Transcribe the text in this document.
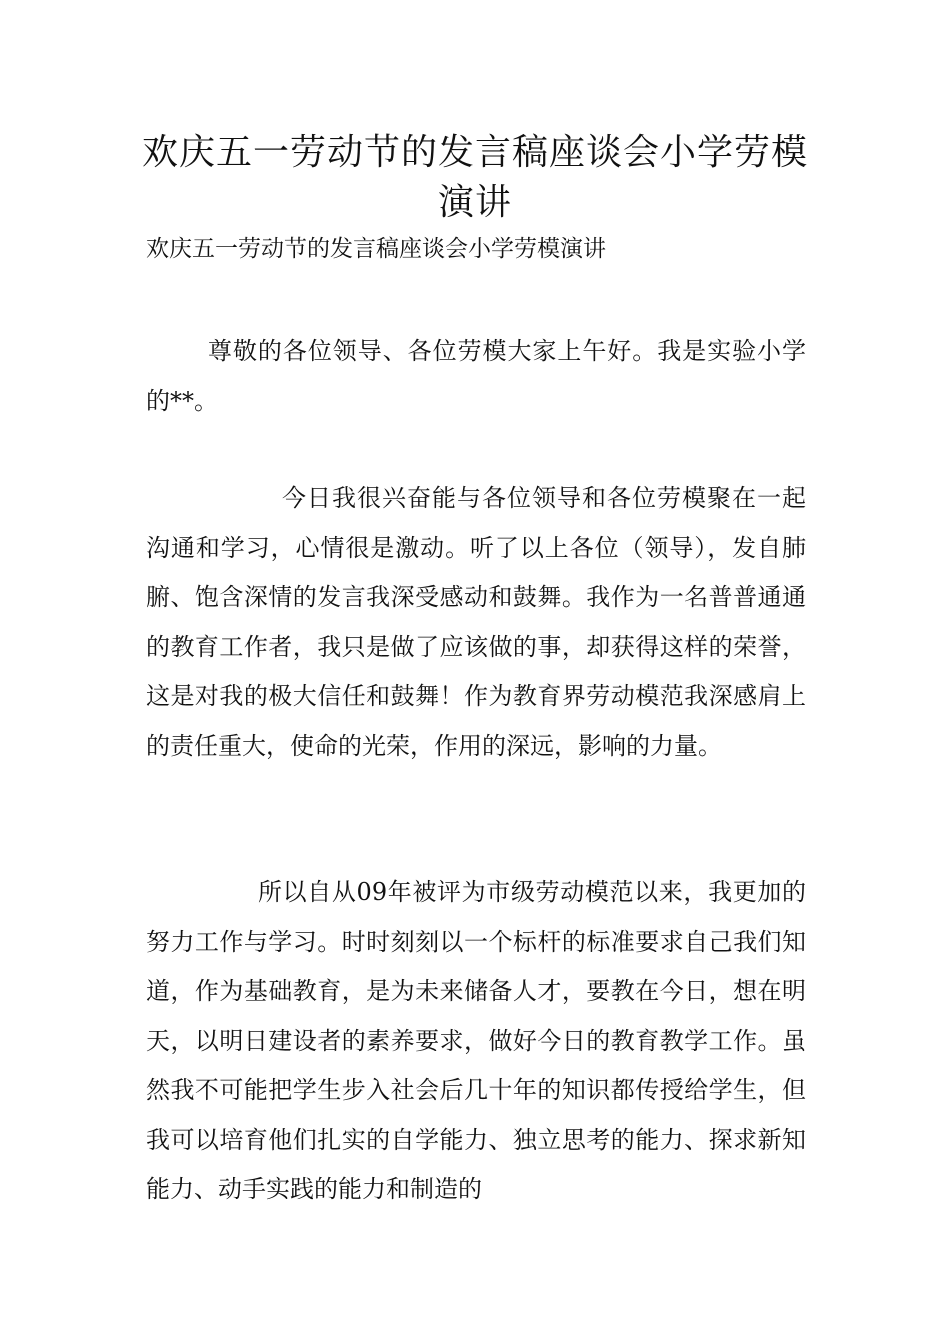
欢庆五一劳动节的发言稿座谈会小学劳模演讲

欢庆五一劳动节的发言稿座谈会小学劳模演讲

尊敬的各位领导、各位劳模大家上午好。我是实验小学的**。

今日我很兴奋能与各位领导和各位劳模聚在一起沟通和学习，心情很是激动。听了以上各位（领导），发自肺腑、饱含深情的发言我深受感动和鼓舞。我作为一名普普通通的教育工作者，我只是做了应该做的事，却获得这样的荣誉，这是对我的极大信任和鼓舞！作为教育界劳动模范我深感肩上的责任重大，使命的光荣，作用的深远，影响的力量。

所以自从09年被评为市级劳动模范以来，我更加的努力工作与学习。时时刻刻以一个标杆的标准要求自己我们知道，作为基础教育，是为未来储备人才，要教在今日，想在明天，以明日建设者的素养要求，做好今日的教育教学工作。虽然我不可能把学生步入社会后几十年的知识都传授给学生，但我可以培育他们扎实的自学能力、独立思考的能力、探求新知能力、动手实践的能力和制造的
